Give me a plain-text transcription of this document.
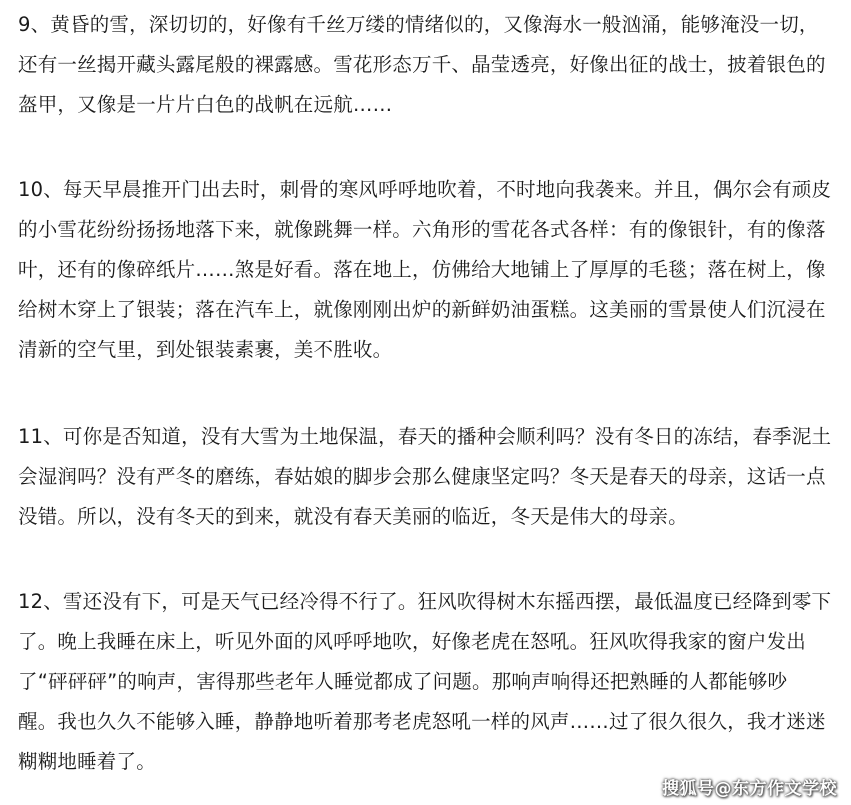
9、黄昏的雪，深切切的，好像有千丝万缕的情绪似的，又像海水一般汹涌，能够淹没一切，
还有一丝揭开藏头露尾般的裸露感。雪花形态万千、晶莹透亮，好像出征的战士，披着银色的
盔甲，又像是一片片白色的战帆在远航……
10、每天早晨推开门出去时，刺骨的寒风呼呼地吹着，不时地向我袭来。并且，偶尔会有顽皮
的小雪花纷纷扬扬地落下来，就像跳舞一样。六角形的雪花各式各样：有的像银针，有的像落
叶，还有的像碎纸片……煞是好看。落在地上，仿佛给大地铺上了厚厚的毛毯；落在树上，像
给树木穿上了银装；落在汽车上，就像刚刚出炉的新鲜奶油蛋糕。这美丽的雪景使人们沉浸在
清新的空气里，到处银装素裹，美不胜收。
11、可你是否知道，没有大雪为土地保温，春天的播种会顺利吗？没有冬日的冻结，春季泥土
会湿润吗？没有严冬的磨练，春姑娘的脚步会那么健康坚定吗？冬天是春天的母亲，这话一点
没错。所以，没有冬天的到来，就没有春天美丽的临近，冬天是伟大的母亲。
12、雪还没有下，可是天气已经冷得不行了。狂风吹得树木东摇西摆，最低温度已经降到零下
了。晚上我睡在床上，听见外面的风呼呼地吹，好像老虎在怒吼。狂风吹得我家的窗户发出
了“砰砰砰”的响声，害得那些老年人睡觉都成了问题。那响声响得还把熟睡的人都能够吵
醒。我也久久不能够入睡，静静地听着那考老虎怒吼一样的风声……过了很久很久，我才迷迷
糊糊地睡着了。
搜狐号@东方作文学校
